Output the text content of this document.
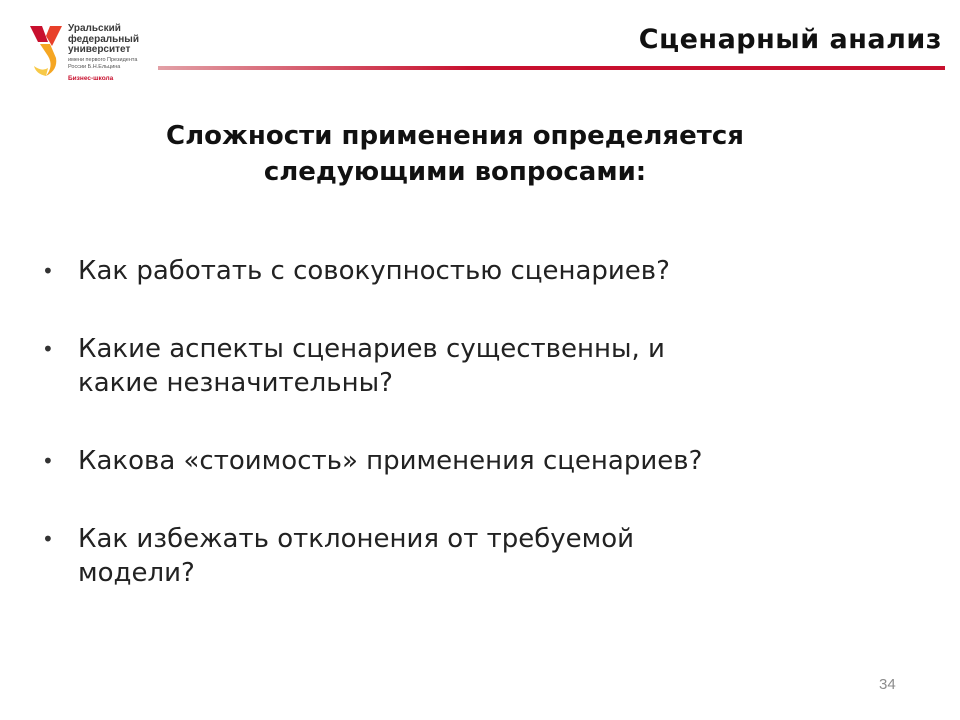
Уральский
федеральный
университет
имени первого Президента
России Б.Н.Ельцина
Бизнес-школа
Сценарный анализ
Сложности применения определяется
следующими вопросами:
• Как работать с совокупностью сценариев?
• Какие аспекты сценариев существенны, и
какие незначительны?
• Какова «стоимость» применения сценариев?
• Как избежать отклонения от требуемой
модели?
34
